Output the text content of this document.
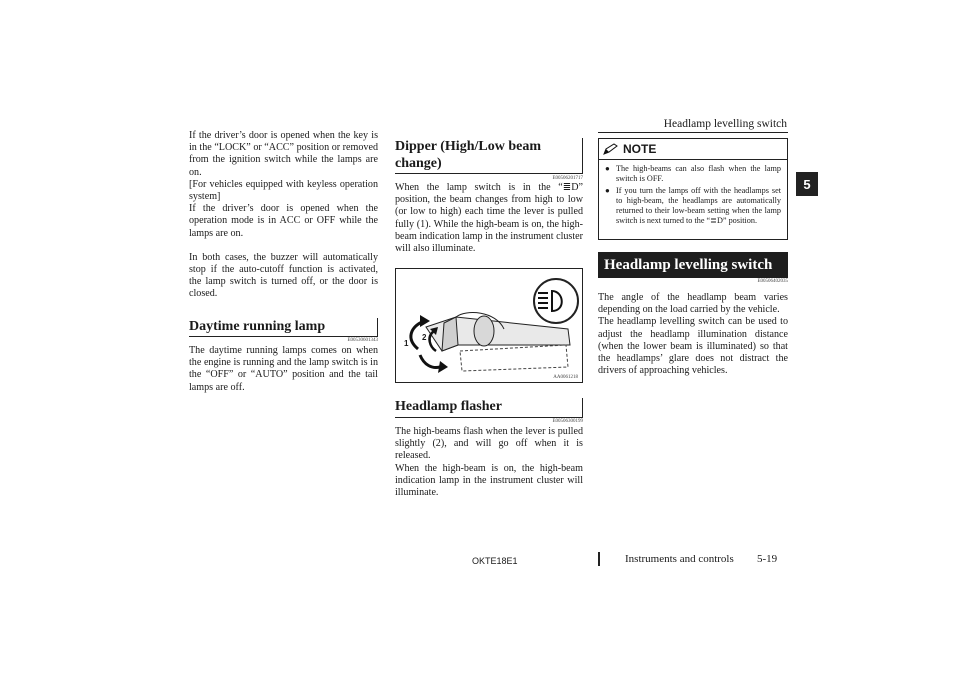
Headlamp levelling switch
5

If the driver’s door is opened when the key is in the “LOCK” or “ACC” position or removed from the ignition switch while the lamps are on.

[For vehicles equipped with keyless operation system]

If the driver’s door is opened when the operation mode is in ACC or OFF while the lamps are on.

In both cases, the buzzer will automatically stop if the auto-cutoff function is activated, the lamp switch is turned off, or the door is closed.

Daytime running lamp
E00530601343
The daytime running lamps comes on when the engine is running and the lamp switch is in the “OFF” or “AUTO” position and the tail lamps are off.
Dipper (High/Low beam change)
E00506201717
When the lamp switch is in the “≣D” position, the beam changes from high to low (or low to high) each time the lever is pulled fully (1). While the high-beam is on, the high-beam indication lamp in the instrument cluster will also illuminate.
1
2
AA0061218
Headlamp flasher
E00506300199

The high-beams flash when the lever is pulled slightly (2), and will go off when it is released.

When the high-beam is on, the high-beam indication lamp in the instrument cluster will illuminate.

NOTE
● The high-beams can also flash when the lamp switch is OFF.
● If you turn the lamps off with the headlamps set to high-beam, the headlamps are automatically returned to their low-beam setting when the lamp switch is next turned to the “≣D” position.
Headlamp levelling switch
E00506402035

The angle of the headlamp beam varies depending on the load carried by the vehicle.

The headlamp levelling switch can be used to adjust the headlamp illumination distance (when the lower beam is illuminated) so that the headlamps’ glare does not distract the drivers of approaching vehicles.

OKTE18E1	Instruments and controls 5-19
